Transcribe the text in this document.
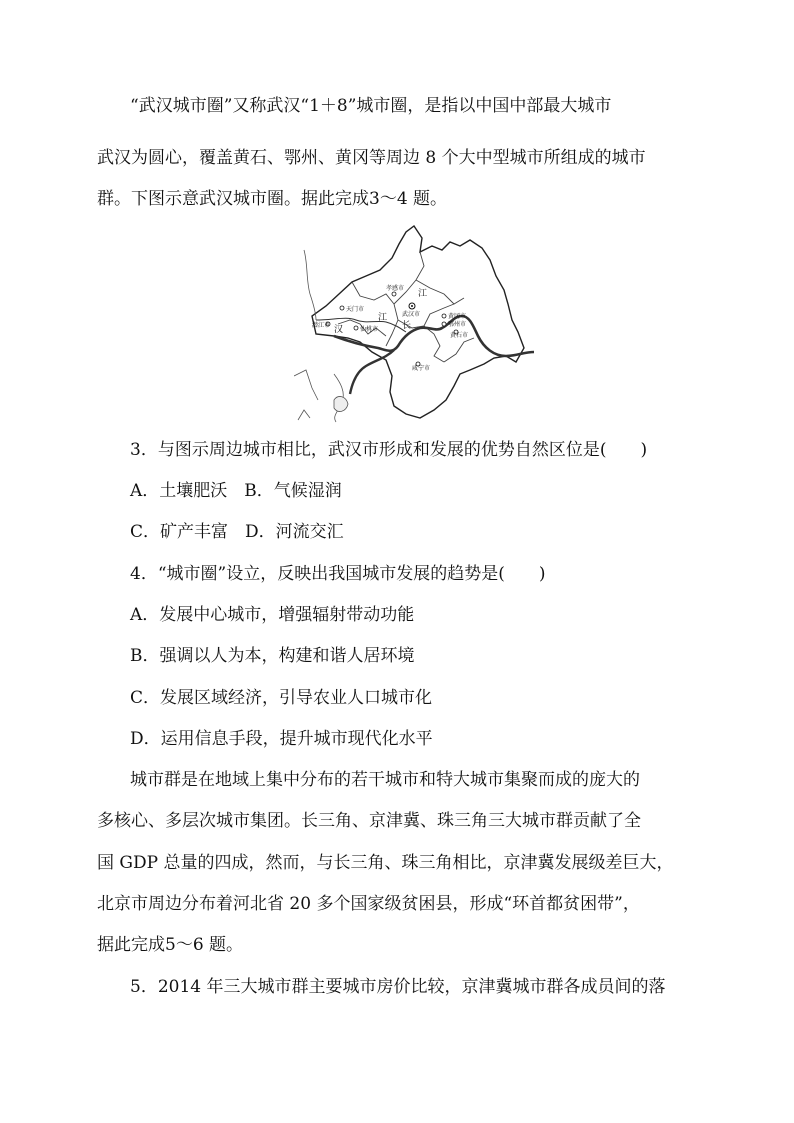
“武汉城市圈”又称武汉“1＋8”城市圈，是指以中国中部最大城市

武汉为圆心，覆盖黄石、鄂州、黄冈等周边 8 个大中型城市所组成的城市

群。下图示意武汉城市圈。据此完成3～4 题。

孝感市
天门市
潜江市
仙桃市
武汉市	黄冈市
鄂州市
黄石市
咸宁市
汉
江
长
江

3．与图示周边城市相比，武汉市形成和发展的优势自然区位是(　　)

A．土壤肥沃　B．气候湿润

C．矿产丰富　D．河流交汇

4．“城市圈”设立，反映出我国城市发展的趋势是(　　)

A．发展中心城市，增强辐射带动功能

B．强调以人为本，构建和谐人居环境

C．发展区域经济，引导农业人口城市化

D．运用信息手段，提升城市现代化水平

城市群是在地域上集中分布的若干城市和特大城市集聚而成的庞大的

多核心、多层次城市集团。长三角、京津冀、珠三角三大城市群贡献了全

国 GDP 总量的四成，然而，与长三角、珠三角相比，京津冀发展级差巨大，

北京市周边分布着河北省 20 多个国家级贫困县，形成“环首都贫困带”，

据此完成5～6 题。

5．2014 年三大城市群主要城市房价比较，京津冀城市群各成员间的落
